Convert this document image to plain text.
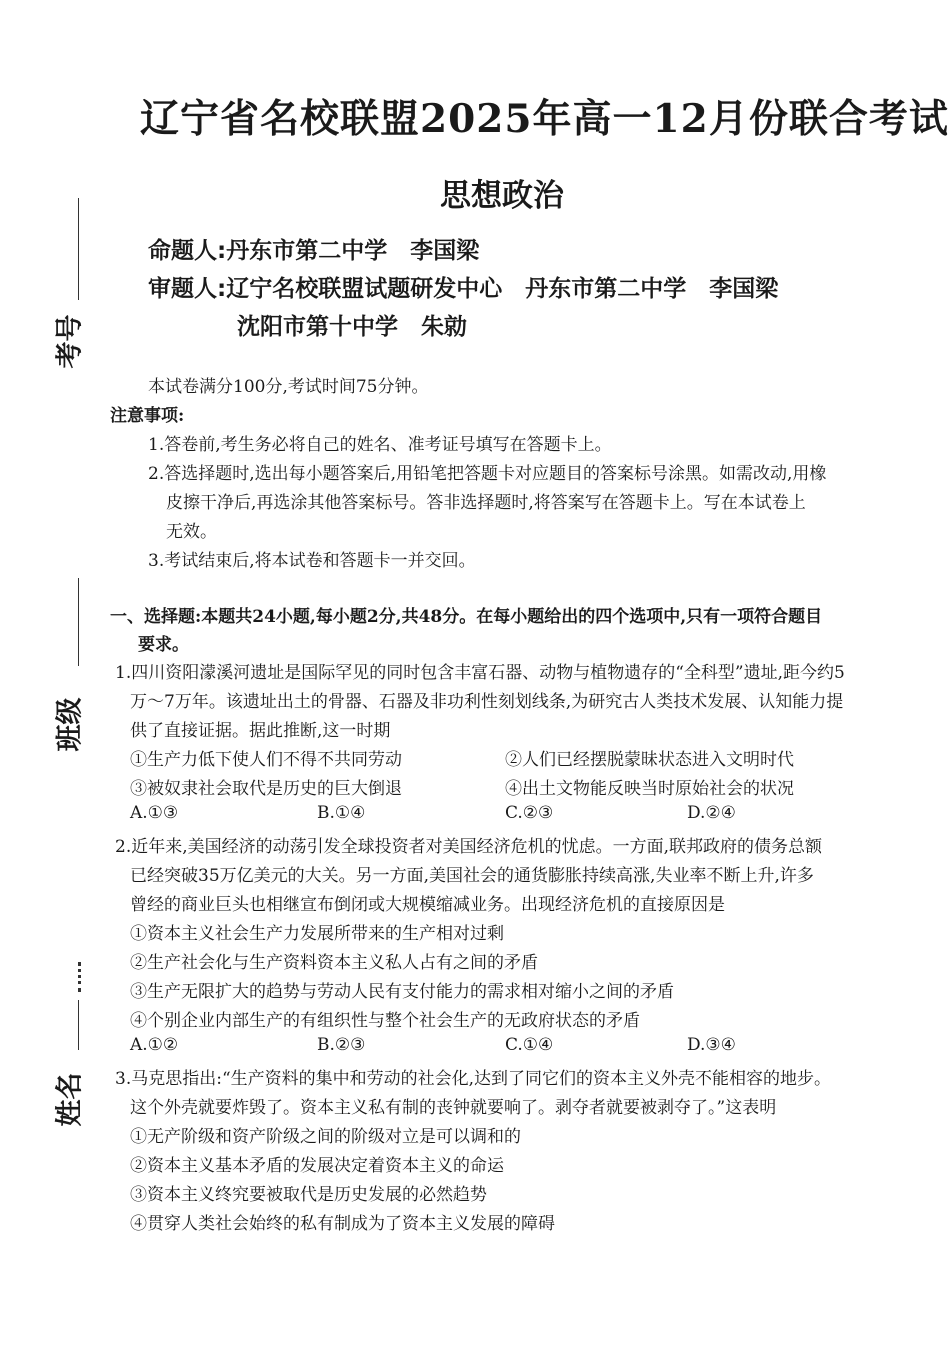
考号
班级
姓名
辽宁省名校联盟2025年高一12月份联合考试
思想政治
命题人:丹东市第二中学　李国梁
审题人:辽宁名校联盟试题研发中心　丹东市第二中学　李国梁
沈阳市第十中学　朱勍
本试卷满分100分,考试时间75分钟。
注意事项:
1.答卷前,考生务必将自己的姓名、准考证号填写在答题卡上。
2.答选择题时,选出每小题答案后,用铅笔把答题卡对应题目的答案标号涂黑。如需改动,用橡
皮擦干净后,再选涂其他答案标号。答非选择题时,将答案写在答题卡上。写在本试卷上
无效。
3.考试结束后,将本试卷和答题卡一并交回。
一、选择题:本题共24小题,每小题2分,共48分。在每小题给出的四个选项中,只有一项符合题目
要求。
1.四川资阳濛溪河遗址是国际罕见的同时包含丰富石器、动物与植物遗存的“全科型”遗址,距今约5
万～7万年。该遗址出土的骨器、石器及非功利性刻划线条,为研究古人类技术发展、认知能力提
供了直接证据。据此推断,这一时期
①生产力低下使人们不得不共同劳动	②人们已经摆脱蒙昧状态进入文明时代
③被奴隶社会取代是历史的巨大倒退	④出土文物能反映当时原始社会的状况
A.①③	B.①④	C.②③	D.②④
2.近年来,美国经济的动荡引发全球投资者对美国经济危机的忧虑。一方面,联邦政府的债务总额
已经突破35万亿美元的大关。另一方面,美国社会的通货膨胀持续高涨,失业率不断上升,许多
曾经的商业巨头也相继宣布倒闭或大规模缩减业务。出现经济危机的直接原因是
①资本主义社会生产力发展所带来的生产相对过剩
②生产社会化与生产资料资本主义私人占有之间的矛盾
③生产无限扩大的趋势与劳动人民有支付能力的需求相对缩小之间的矛盾
④个别企业内部生产的有组织性与整个社会生产的无政府状态的矛盾
A.①②	B.②③	C.①④	D.③④
3.马克思指出:“生产资料的集中和劳动的社会化,达到了同它们的资本主义外壳不能相容的地步。
这个外壳就要炸毁了。资本主义私有制的丧钟就要响了。剥夺者就要被剥夺了。”这表明
①无产阶级和资产阶级之间的阶级对立是可以调和的
②资本主义基本矛盾的发展决定着资本主义的命运
③资本主义终究要被取代是历史发展的必然趋势
④贯穿人类社会始终的私有制成为了资本主义发展的障碍
